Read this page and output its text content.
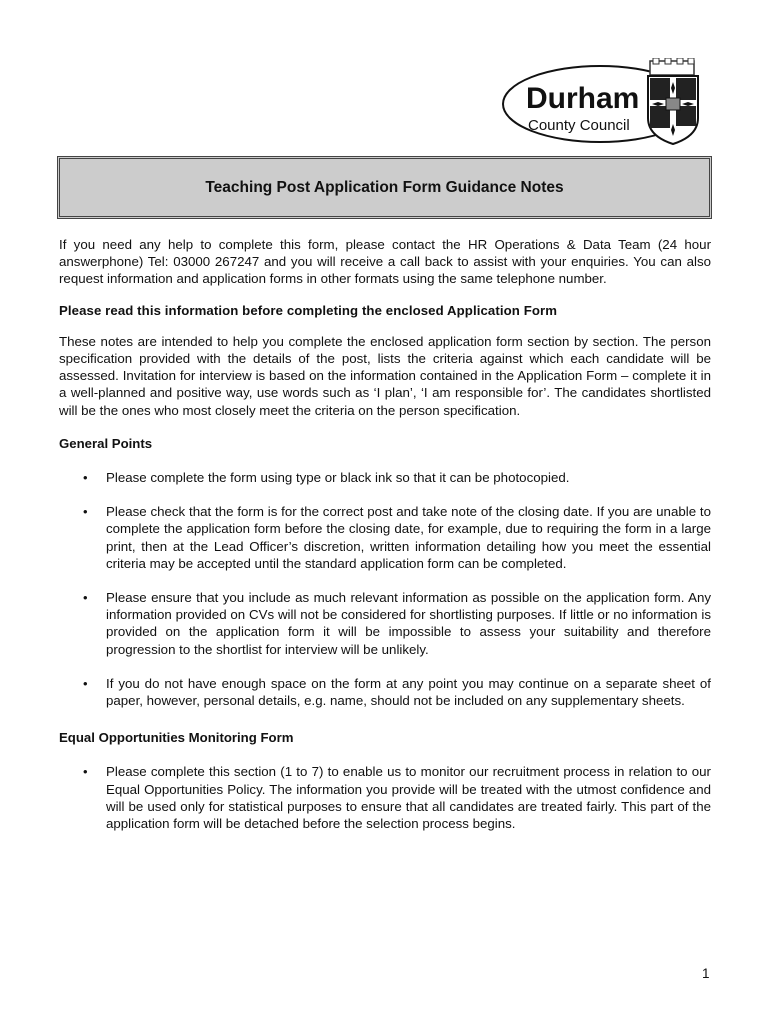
Durham
County Council
Teaching Post Application Form Guidance Notes

If you need any help to complete this form, please contact the HR Operations & Data Team (24 hour answerphone) Tel: 03000 267247 and you will receive a call back to assist with your enquiries. You can also request information and application forms in other formats using the same telephone number.

Please read this information before completing the enclosed Application Form

These notes are intended to help you complete the enclosed application form section by section. The person specification provided with the details of the post, lists the criteria against which each candidate will be assessed. Invitation for interview is based on the information contained in the Application Form – complete it in a well-planned and positive way, use words such as ‘I plan’, ‘I am responsible for’. The candidates shortlisted will be the ones who most closely meet the criteria on the person specification.

General Points

• Please complete the form using type or black ink so that it can be photocopied.
• Please check that the form is for the correct post and take note of the closing date. If you are unable to complete the application form before the closing date, for example, due to requiring the form in a large print, then at the Lead Officer’s discretion, written information detailing how you meet the essential criteria may be accepted until the standard application form can be completed.
• Please ensure that you include as much relevant information as possible on the application form. Any information provided on CVs will not be considered for shortlisting purposes. If little or no information is provided on the application form it will be impossible to assess your suitability and therefore progression to the shortlist for interview will be unlikely.
• If you do not have enough space on the form at any point you may continue on a separate sheet of paper, however, personal details, e.g. name, should not be included on any supplementary sheets.

Equal Opportunities Monitoring Form

• Please complete this section (1 to 7) to enable us to monitor our recruitment process in relation to our Equal Opportunities Policy. The information you provide will be treated with the utmost confidence and will be used only for statistical purposes to ensure that all candidates are treated fairly. This part of the application form will be detached before the selection process begins.
1
